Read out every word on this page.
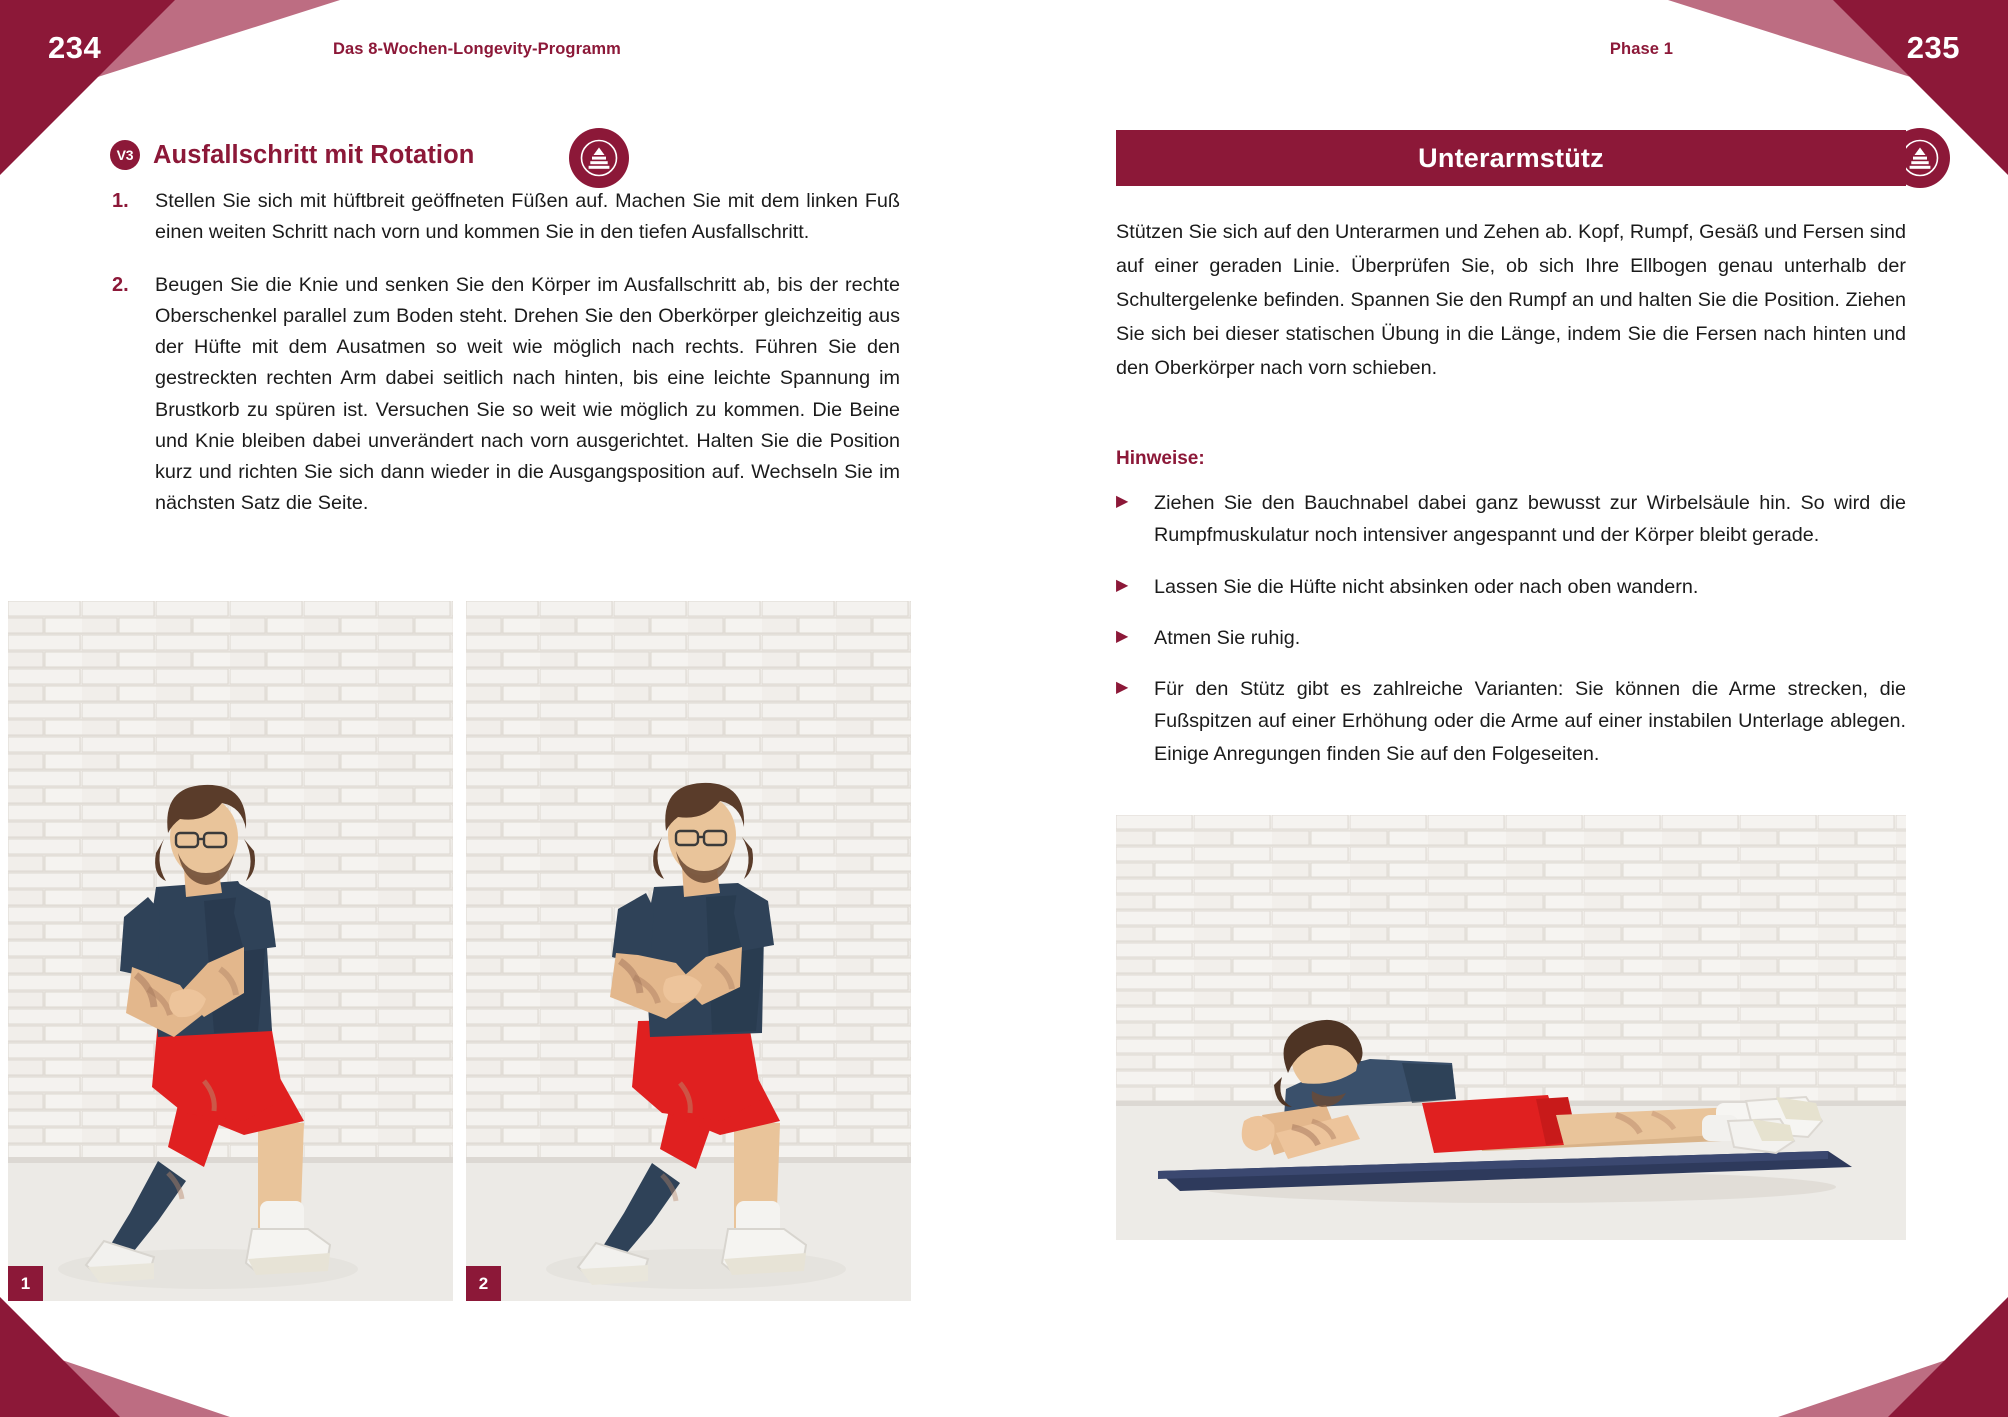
234	Das 8-Wochen-Longevity-Programm
V3 Ausfallschritt mit Rotation
1.	Stellen Sie sich mit hüftbreit geöffneten Füßen auf. Machen Sie mit dem linken Fuß einen weiten Schritt nach vorn und kommen Sie in den tiefen Ausfallschritt.
2.	Beugen Sie die Knie und senken Sie den Körper im Ausfallschritt ab, bis der rechte Oberschenkel parallel zum Boden steht. Drehen Sie den Oberkörper gleichzeitig aus der Hüfte mit dem Ausatmen so weit wie möglich nach rechts. Führen Sie den gestreckten rechten Arm dabei seitlich nach hinten, bis eine leichte Spannung im Brustkorb zu spüren ist. Versuchen Sie so weit wie möglich zu kommen. Die Beine und Knie bleiben dabei unverändert nach vorn ausgerichtet. Halten Sie die Position kurz und richten Sie sich dann wieder in die Ausgangsposition auf. Wechseln Sie im nächsten Satz die Seite.
1	2
235
Phase 1
Unterarmstütz
Stützen Sie sich auf den Unterarmen und Zehen ab. Kopf, Rumpf, Gesäß und Fersen sind auf einer geraden Linie. Überprüfen Sie, ob sich Ihre Ellbogen genau unterhalb der Schultergelenke befinden. Spannen Sie den Rumpf an und halten Sie die Position. Ziehen Sie sich bei dieser statischen Übung in die Länge, indem Sie die Fersen nach hinten und den Oberkörper nach vorn schieben.
Hinweise:
▶	Ziehen Sie den Bauchnabel dabei ganz bewusst zur Wirbelsäule hin. So wird die Rumpfmuskulatur noch intensiver angespannt und der Körper bleibt gerade.
▶	Lassen Sie die Hüfte nicht absinken oder nach oben wandern.
▶	Atmen Sie ruhig.
▶	Für den Stütz gibt es zahlreiche Varianten: Sie können die Arme strecken, die Fußspitzen auf einer Erhöhung oder die Arme auf einer instabilen Unterlage ablegen. Einige Anregungen finden Sie auf den Folgeseiten.
